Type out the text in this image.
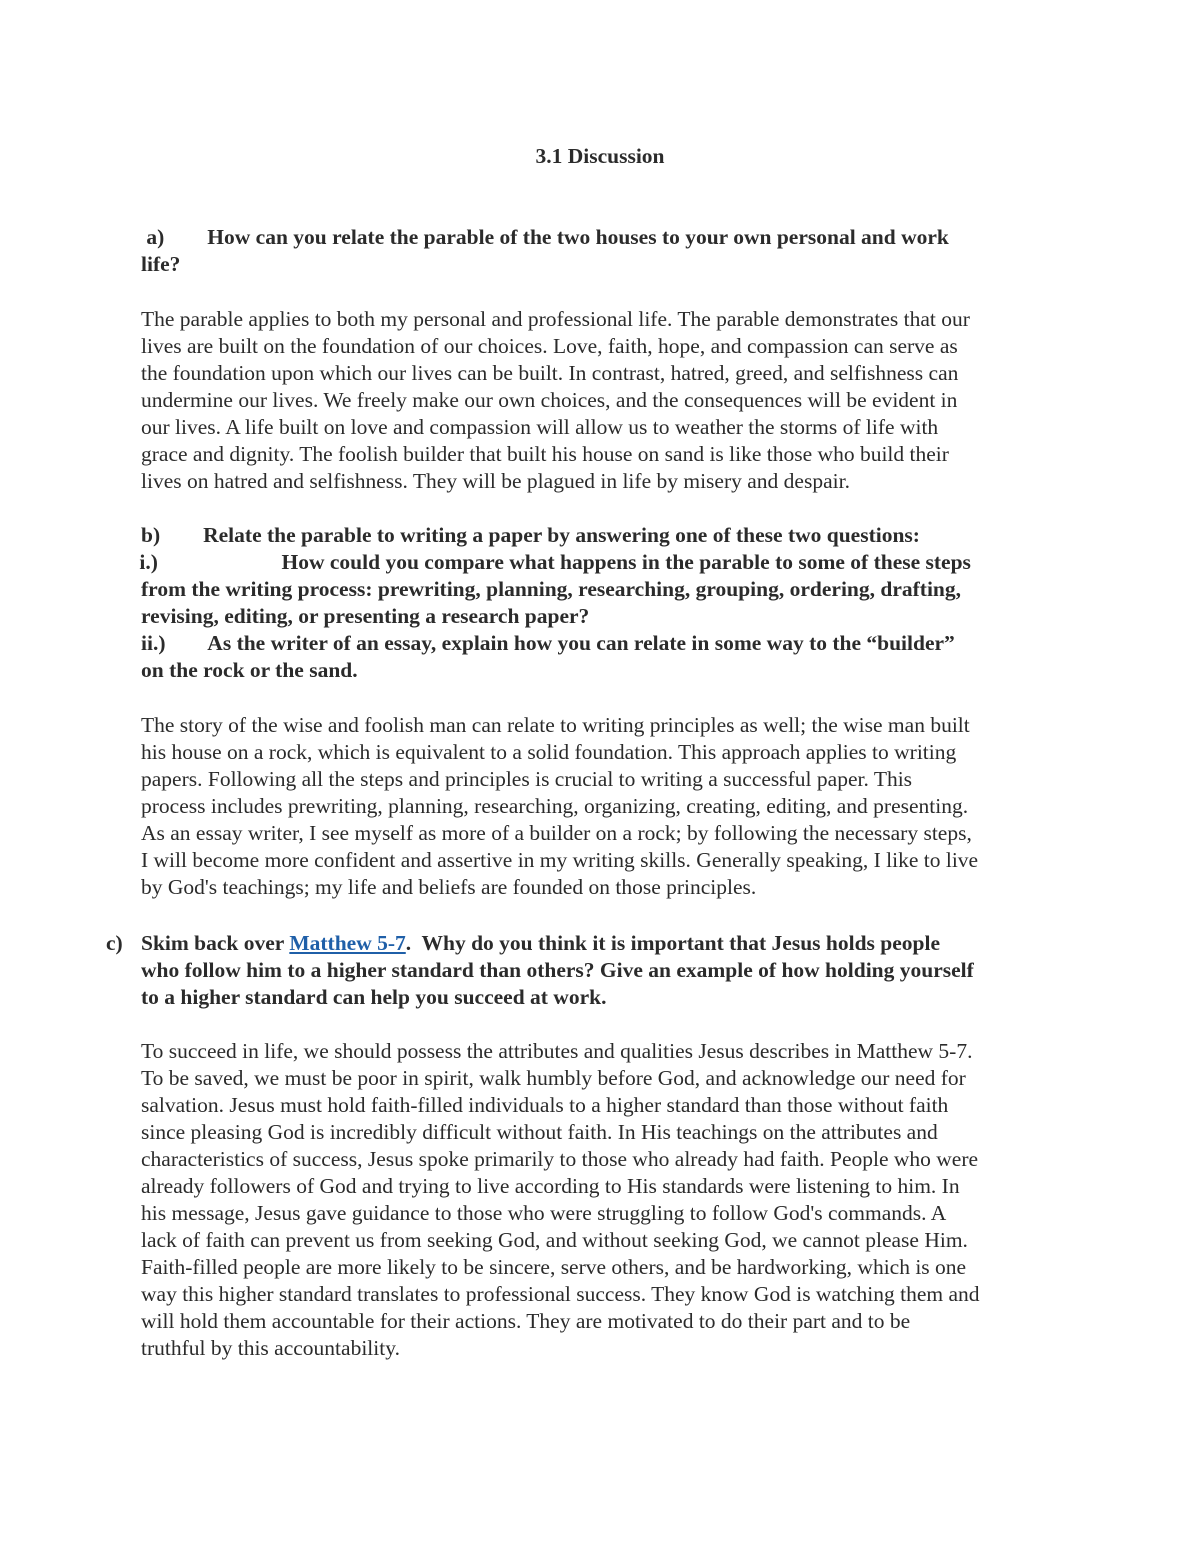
3.1 Discussion
a)        How can you relate the parable of the two houses to your own personal and work
life?
The parable applies to both my personal and professional life. The parable demonstrates that our
lives are built on the foundation of our choices. Love, faith, hope, and compassion can serve as
the foundation upon which our lives can be built. In contrast, hatred, greed, and selfishness can
undermine our lives. We freely make our own choices, and the consequences will be evident in
our lives. A life built on love and compassion will allow us to weather the storms of life with
grace and dignity. The foolish builder that built his house on sand is like those who build their
lives on hatred and selfishness. They will be plagued in life by misery and despair.
b)        Relate the parable to writing a paper by answering one of these two questions:
i.)                       How could you compare what happens in the parable to some of these steps
from the writing process: prewriting, planning, researching, grouping, ordering, drafting,
revising, editing, or presenting a research paper?
ii.)        As the writer of an essay, explain how you can relate in some way to the “builder”
on the rock or the sand.
The story of the wise and foolish man can relate to writing principles as well; the wise man built
his house on a rock, which is equivalent to a solid foundation. This approach applies to writing
papers. Following all the steps and principles is crucial to writing a successful paper. This
process includes prewriting, planning, researching, organizing, creating, editing, and presenting.
As an essay writer, I see myself as more of a builder on a rock; by following the necessary steps,
I will become more confident and assertive in my writing skills. Generally speaking, I like to live
by God's teachings; my life and beliefs are founded on those principles.
c) Skim back over Matthew 5-7.  Why do you think it is important that Jesus holds people
who follow him to a higher standard than others? Give an example of how holding yourself
to a higher standard can help you succeed at work.
To succeed in life, we should possess the attributes and qualities Jesus describes in Matthew 5-7.
To be saved, we must be poor in spirit, walk humbly before God, and acknowledge our need for
salvation. Jesus must hold faith-filled individuals to a higher standard than those without faith
since pleasing God is incredibly difficult without faith. In His teachings on the attributes and
characteristics of success, Jesus spoke primarily to those who already had faith. People who were
already followers of God and trying to live according to His standards were listening to him. In
his message, Jesus gave guidance to those who were struggling to follow God's commands. A
lack of faith can prevent us from seeking God, and without seeking God, we cannot please Him.
Faith-filled people are more likely to be sincere, serve others, and be hardworking, which is one
way this higher standard translates to professional success. They know God is watching them and
will hold them accountable for their actions. They are motivated to do their part and to be
truthful by this accountability.
